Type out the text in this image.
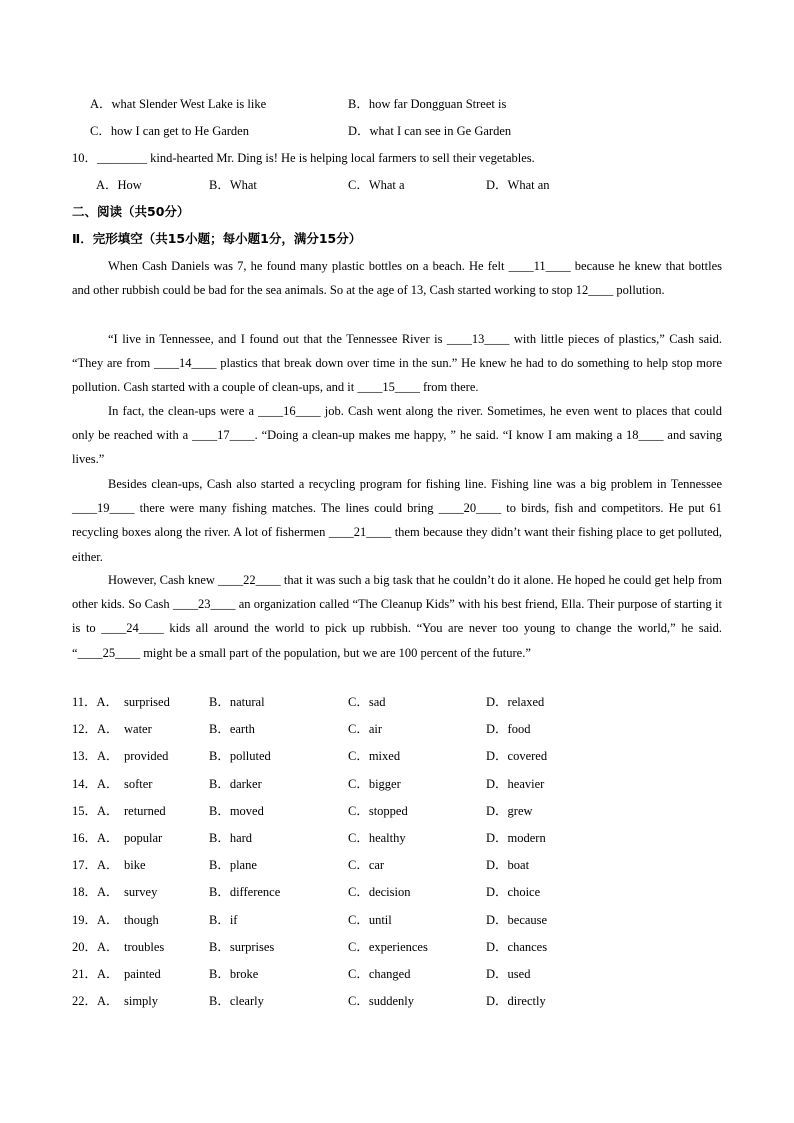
A．what Slender West Lake is like	B．how far Dongguan Street is
C．how I can get to He Garden	D．what I can see in Ge Garden
10．________ kind-hearted Mr. Ding is! He is helping local farmers to sell their vegetables.
A．How	B．What	C．What a	D．What an
二、阅读（共50分）
Ⅱ．完形填空（共15小题；每小题1分，满分15分）
When Cash Daniels was 7, he found many plastic bottles on a beach. He felt ____11____ because he knew that bottles and other rubbish could be bad for the sea animals. So at the age of 13, Cash started working to stop 12____ pollution.
“I live in Tennessee, and I found out that the Tennessee River is ____13____ with little pieces of plastics,” Cash said. “They are from ____14____ plastics that break down over time in the sun.” He knew he had to do something to help stop more pollution. Cash started with a couple of clean-ups, and it ____15____ from there.
In fact, the clean-ups were a ____16____ job. Cash went along the river. Sometimes, he even went to places that could only be reached with a ____17____. “Doing a clean-up makes me happy, ” he said. “I know I am making a 18____ and saving lives.”
Besides clean-ups, Cash also started a recycling program for fishing line. Fishing line was a big problem in Tennessee ____19____ there were many fishing matches. The lines could bring ____20____ to birds, fish and competitors. He put 61 recycling boxes along the river. A lot of fishermen ____21____ them because they didn’t want their fishing place to get polluted, either.
However, Cash knew ____22____ that it was such a big task that he couldn’t do it alone. He hoped he could get help from other kids. So Cash ____23____ an organization called “The Cleanup Kids” with his best friend, Ella. Their purpose of starting it is to ____24____ kids all around the world to pick up rubbish. “You are never too young to change the world,” he said. “____25____ might be a small part of the population, but we are 100 percent of the future.”
11．A． surprised	B．natural	C．sad	D．relaxed
12．A． water	B．earth	C．air	D．food
13．A． provided	B．polluted	C．mixed	D．covered
14．A． softer	B．darker	C．bigger	D．heavier
15．A． returned	B．moved	C．stopped	D．grew
16．A． popular	B．hard	C．healthy	D．modern
17．A． bike	B．plane	C．car	D．boat
18．A． survey	B．difference	C．decision	D．choice
19．A． though	B．if	C．until	D．because
20．A． troubles	B．surprises	C．experiences	D．chances
21．A． painted	B．broke	C．changed	D．used
22．A． simply	B．clearly	C．suddenly	D．directly
